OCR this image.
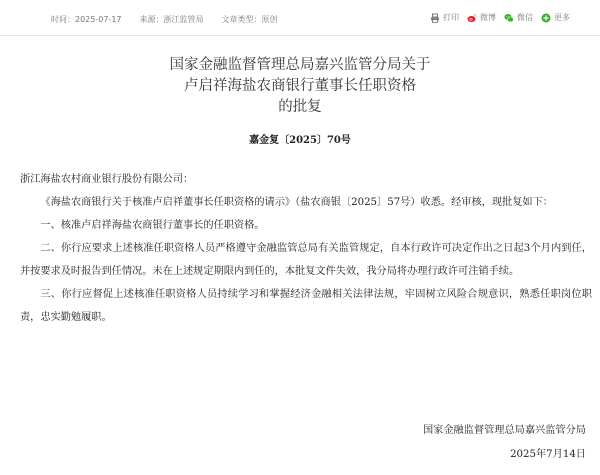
时间：2025-07-17 来源：浙江监管局 文章类型：原创	打印	微博	微信	更多
国家金融监督管理总局嘉兴监管分局关于
卢启祥海盐农商银行董事长任职资格
的批复
嘉金复〔2025〕70号

浙江海盐农村商业银行股份有限公司：

《海盐农商银行关于核准卢启祥董事长任职资格的请示》（盐农商银〔2025〕57号）收悉。经审核，现批复如下：

一、核准卢启祥海盐农商银行董事长的任职资格。

二、你行应要求上述核准任职资格人员严格遵守金融监管总局有关监管规定，自本行政许可决定作出之日起3个月内到任，并按要求及时报告到任情况。未在上述规定期限内到任的，本批复文件失效，我分局将办理行政许可注销手续。

三、你行应督促上述核准任职资格人员持续学习和掌握经济金融相关法律法规，牢固树立风险合规意识，熟悉任职岗位职责，忠实勤勉履职。

国家金融监督管理总局嘉兴监管分局
2025年7月14日
